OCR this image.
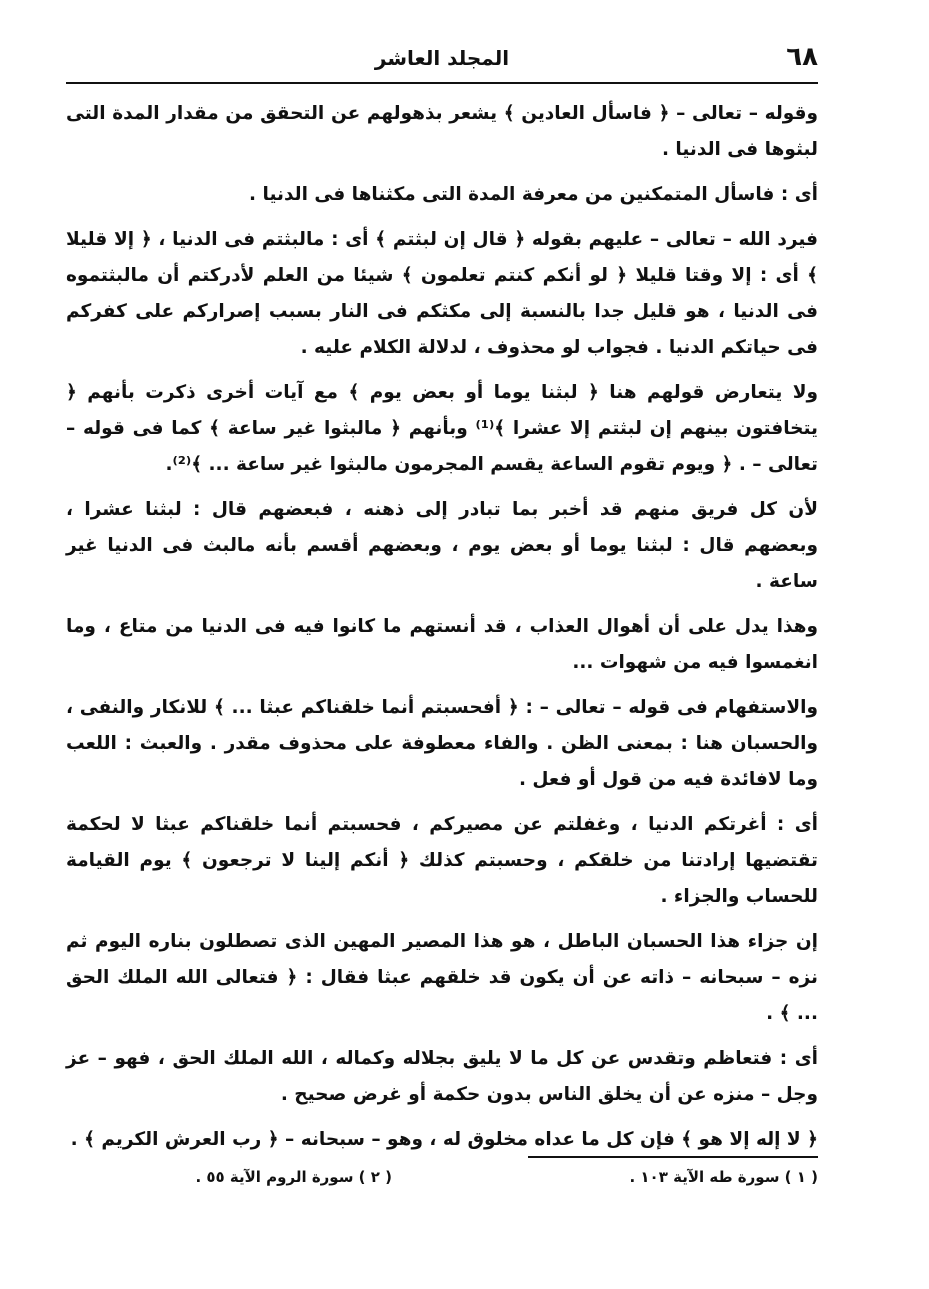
٦٨
المجلد العاشر

وقوله – تعالى – ﴿ فاسأل العادين ﴾ يشعر بذهولهم عن التحقق من مقدار المدة التى لبثوها فى الدنيا .

أى : فاسأل المتمكنين من معرفة المدة التى مكثناها فى الدنيا .

فيرد الله – تعالى – عليهم بقوله ﴿ قال إن لبثتم ﴾ أى : مالبثتم فى الدنيا ، ﴿ إلا قليلا ﴾ أى : إلا وقتا قليلا ﴿ لو أنكم كنتم تعلمون ﴾ شيئا من العلم لأدركتم أن مالبثتموه فى الدنيا ، هو قليل جدا بالنسبة إلى مكثكم فى النار بسبب إصراركم على كفركم فى حياتكم الدنيا . فجواب لو محذوف ، لدلالة الكلام عليه .

ولا يتعارض قولهم هنا ﴿ لبثنا يوما أو بعض يوم ﴾ مع آيات أخرى ذكرت بأنهم ﴿ يتخافتون بينهم إن لبثتم إلا عشرا ﴾⁽¹⁾ وبأنهم ﴿ مالبثوا غير ساعة ﴾ كما فى قوله – تعالى – . ﴿ ويوم تقوم الساعة يقسم المجرمون مالبثوا غير ساعة ... ﴾⁽²⁾.

لأن كل فريق منهم قد أخبر بما تبادر إلى ذهنه ، فبعضهم قال : لبثنا عشرا ، وبعضهم قال : لبثنا يوما أو بعض يوم ، وبعضهم أقسم بأنه مالبث فى الدنيا غير ساعة .

وهذا يدل على أن أهوال العذاب ، قد أنستهم ما كانوا فيه فى الدنيا من متاع ، وما انغمسوا فيه من شهوات ...

والاستفهام فى قوله – تعالى – : ﴿ أفحسبتم أنما خلقناكم عبثا ... ﴾ للانكار والنفى ، والحسبان هنا : بمعنى الظن . والفاء معطوفة على محذوف مقدر . والعبث : اللعب وما لافائدة فيه من قول أو فعل .

أى : أغرتكم الدنيا ، وغفلتم عن مصيركم ، فحسبتم أنما خلقناكم عبثا لا لحكمة تقتضيها إرادتنا من خلقكم ، وحسبتم كذلك ﴿ أنكم إلينا لا ترجعون ﴾ يوم القيامة للحساب والجزاء .

إن جزاء هذا الحسبان الباطل ، هو هذا المصير المهين الذى تصطلون بناره اليوم ثم نزه – سبحانه – ذاته عن أن يكون قد خلقهم عبثا فقال : ﴿ فتعالى الله الملك الحق ... ﴾ .

أى : فتعاظم وتقدس عن كل ما لا يليق بجلاله وكماله ، الله الملك الحق ، فهو – عز وجل – منزه عن أن يخلق الناس بدون حكمة أو غرض صحيح .

﴿ لا إله إلا هو ﴾ فإن كل ما عداه مخلوق له ، وهو – سبحانه – ﴿ رب العرش الكريم ﴾ .

( ١ ) سورة طه الآية ١٠٣ .
( ٢ ) سورة الروم الآية ٥٥ .
